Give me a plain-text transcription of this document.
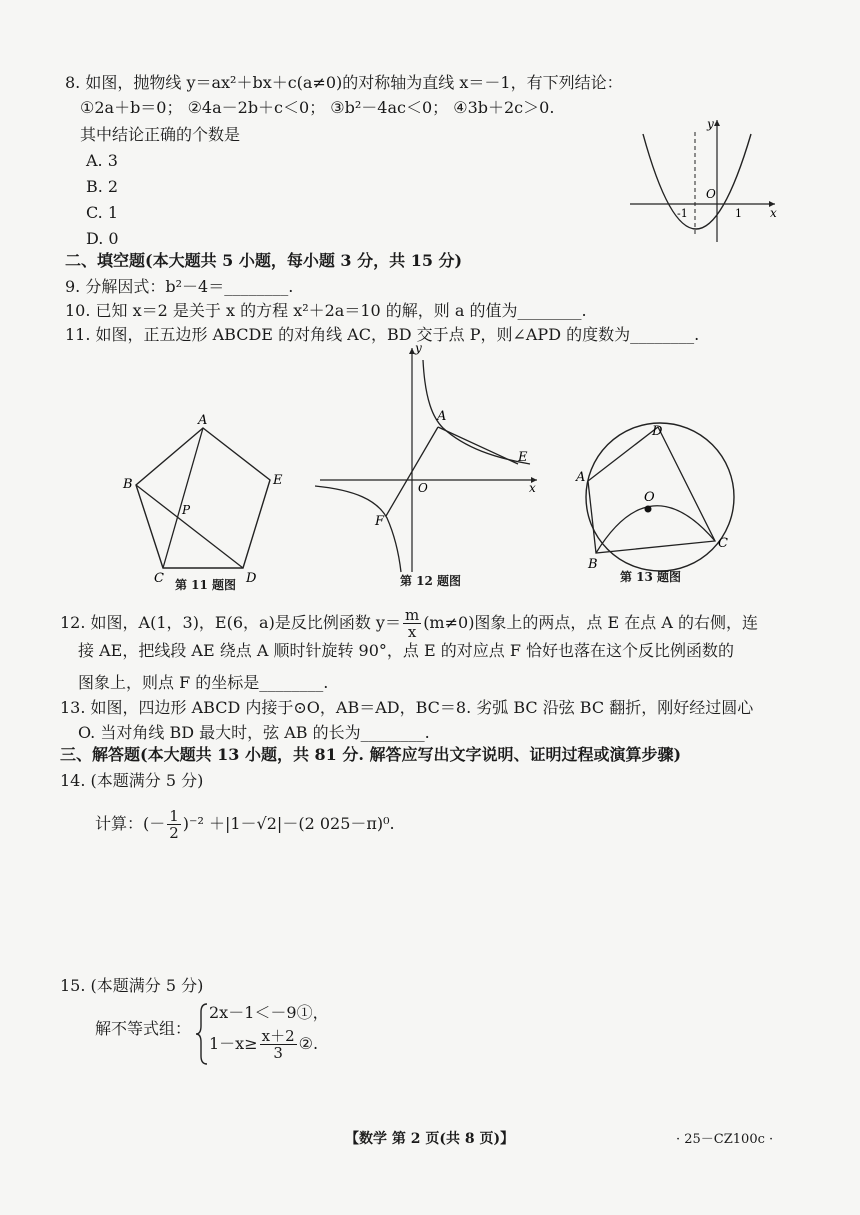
8. 如图，抛物线 y＝ax²＋bx＋c(a≠0)的对称轴为直线 x＝－1，有下列结论：
①2a＋b＝0； ②4a－2b＋c＜0； ③b²－4ac＜0； ④3b＋2c＞0.
其中结论正确的个数是
A. 3
B. 2
C. 1
D. 0
y
x
O
-1	1
二、填空题(本大题共 5 小题，每小题 3 分，共 15 分)
9. 分解因式：b²－4＝________.
10. 已知 x＝2 是关于 x 的方程 x²＋2a＝10 的解，则 a 的值为________.
11. 如图，正五边形 ABCDE 的对角线 AC，BD 交于点 P，则∠APD 的度数为________.
A
B
C	D
E
P
第 11 题图
y
x
O
A
E
F
第 12 题图
A
B
C
D
O
第 13 题图
12. 如图，A(1，3)，E(6，a)是反比例函数 $y= \frac{m}{x} (m\ne 0)$图象上的两点，点 E 在点 A 的右侧，连
接 AE，把线段 AE 绕点 A 顺时针旋转 90°，点 E 的对应点 F 恰好也落在这个反比例函数的
图象上，则点 F 的坐标是________.
13. 如图，四边形 ABCD 内接于⊙O，AB＝AD，BC＝8. 劣弧 BC 沿弦 BC 翻折，刚好经过圆心
O. 当对角线 BD 最大时，弦 AB 的长为________.
三、解答题(本大题共 13 小题，共 81 分. 解答应写出文字说明、证明过程或演算步骤)
14. (本题满分 5 分)
计算：(－ $\frac{1}{2} )^{-2} +|1-√2|-(2$ 025－π)⁰.
15. (本题满分 5 分)
解不等式组：
2x－1＜－9①，
$1-x\ge \frac{x+2}{3}$ ②.
【数学 第 2 页(共 8 页)】	· 25－CZ100c ·
